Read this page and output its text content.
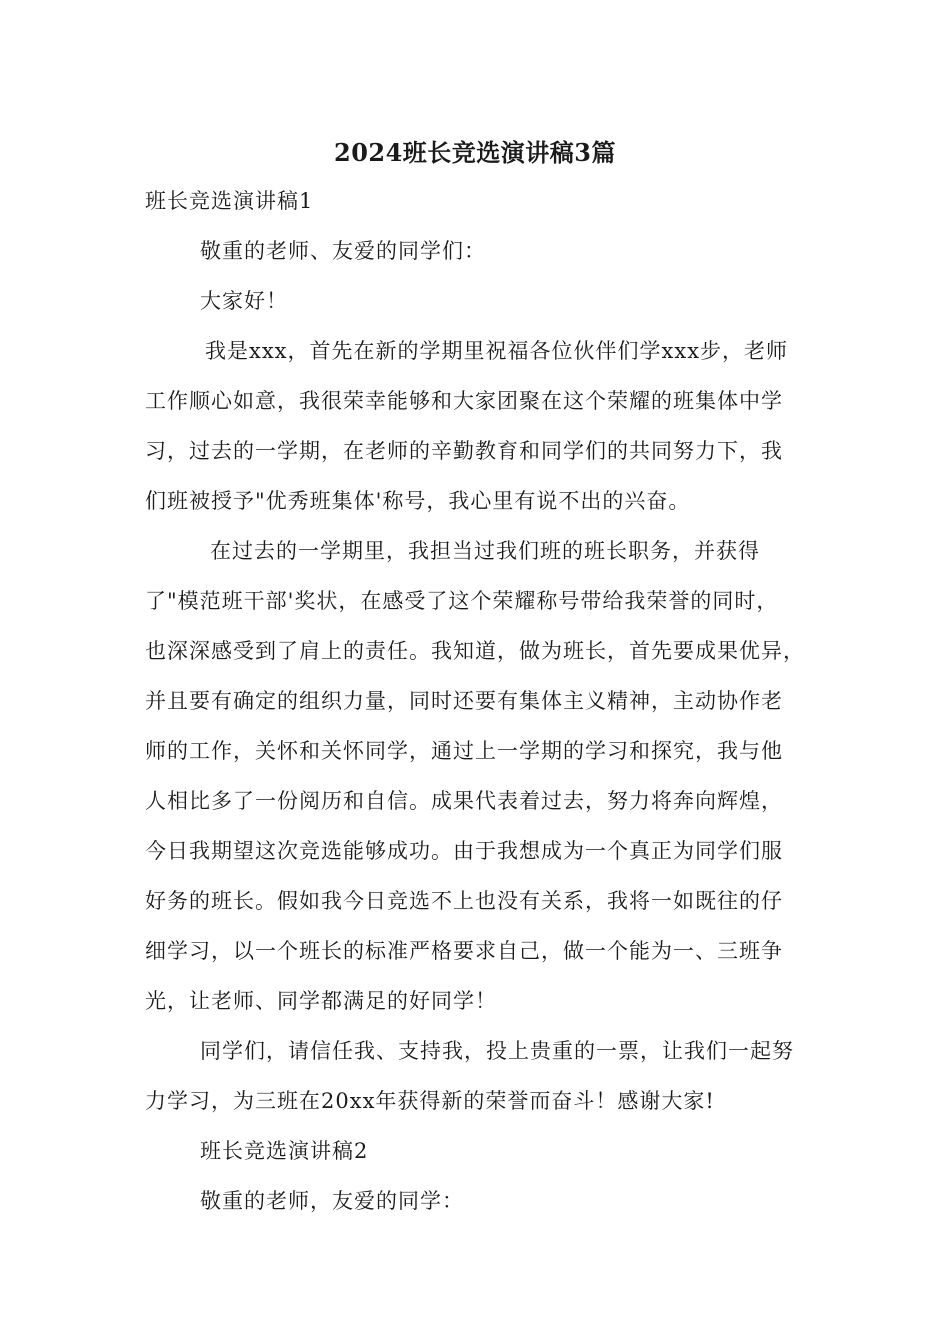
2024班长竞选演讲稿3篇
班长竞选演讲稿1
敬重的老师、友爱的同学们：
大家好！
我是xxx，首先在新的学期里祝福各位伙伴们学xxx步，老师
工作顺心如意，我很荣幸能够和大家团聚在这个荣耀的班集体中学
习，过去的一学期，在老师的辛勤教育和同学们的共同努力下，我
们班被授予"优秀班集体'称号，我心里有说不出的兴奋。
在过去的一学期里，我担当过我们班的班长职务，并获得
了"模范班干部'奖状，在感受了这个荣耀称号带给我荣誉的同时，
也深深感受到了肩上的责任。我知道，做为班长，首先要成果优异，
并且要有确定的组织力量，同时还要有集体主义精神，主动协作老
师的工作，关怀和关怀同学，通过上一学期的学习和探究，我与他
人相比多了一份阅历和自信。成果代表着过去，努力将奔向辉煌，
今日我期望这次竞选能够成功。由于我想成为一个真正为同学们服
好务的班长。假如我今日竞选不上也没有关系，我将一如既往的仔
细学习，以一个班长的标准严格要求自己，做一个能为一、三班争
光，让老师、同学都满足的好同学！
同学们，请信任我、支持我，投上贵重的一票，让我们一起努
力学习，为三班在20xx年获得新的荣誉而奋斗！感谢大家!
班长竞选演讲稿2
敬重的老师，友爱的同学：
